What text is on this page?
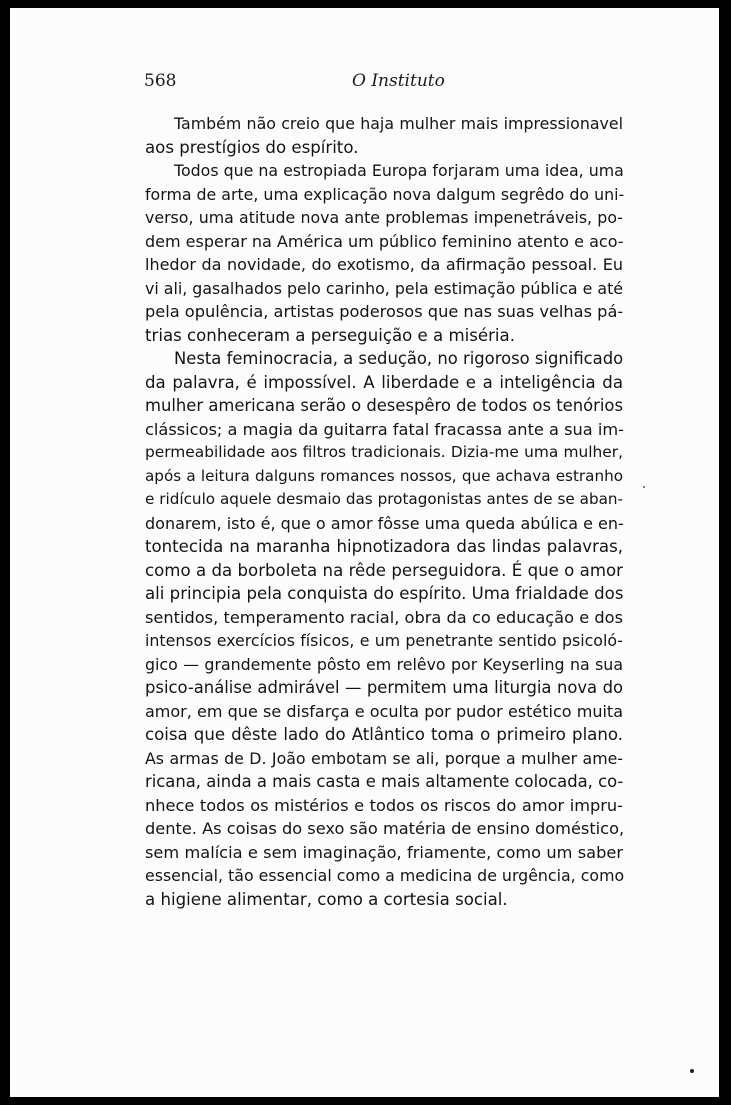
568	O Instituto
Também não creio que haja mulher mais impressionavel
aos prestígios do espírito.
Todos que na estropiada Europa forjaram uma idea, uma
forma de arte, uma explicação nova dalgum segrêdo do uni-
verso, uma atitude nova ante problemas impenetráveis, po-
dem esperar na América um público feminino atento e aco-
lhedor da novidade, do exotismo, da afirmação pessoal. Eu
vi ali, gasalhados pelo carinho, pela estimação pública e até
pela opulência, artistas poderosos que nas suas velhas pá-
trias conheceram a perseguição e a miséria.
Nesta feminocracia, a sedução, no rigoroso significado
da palavra, é impossível. A liberdade e a inteligência da
mulher americana serão o desespêro de todos os tenórios
clássicos; a magia da guitarra fatal fracassa ante a sua im-
permeabilidade aos filtros tradicionais. Dizia-me uma mulher,
após a leitura dalguns romances nossos, que achava estranho
e ridículo aquele desmaio das protagonistas antes de se aban-
donarem, isto é, que o amor fôsse uma queda abúlica e en-
tontecida na maranha hipnotizadora das lindas palavras,
como a da borboleta na rêde perseguidora. É que o amor
ali principia pela conquista do espírito. Uma frialdade dos
sentidos, temperamento racial, obra da co educação e dos
intensos exercícios físicos, e um penetrante sentido psicoló-
gico — grandemente pôsto em relêvo por Keyserling na sua
psico-análise admirável — permitem uma liturgia nova do
amor, em que se disfarça e oculta por pudor estético muita
coisa que dêste lado do Atlântico toma o primeiro plano.
As armas de D. João embotam se ali, porque a mulher ame-
ricana, ainda a mais casta e mais altamente colocada, co-
nhece todos os mistérios e todos os riscos do amor impru-
dente. As coisas do sexo são matéria de ensino doméstico,
sem malícia e sem imaginação, friamente, como um saber
essencial, tão essencial como a medicina de urgência, como
a higiene alimentar, como a cortesia social.
